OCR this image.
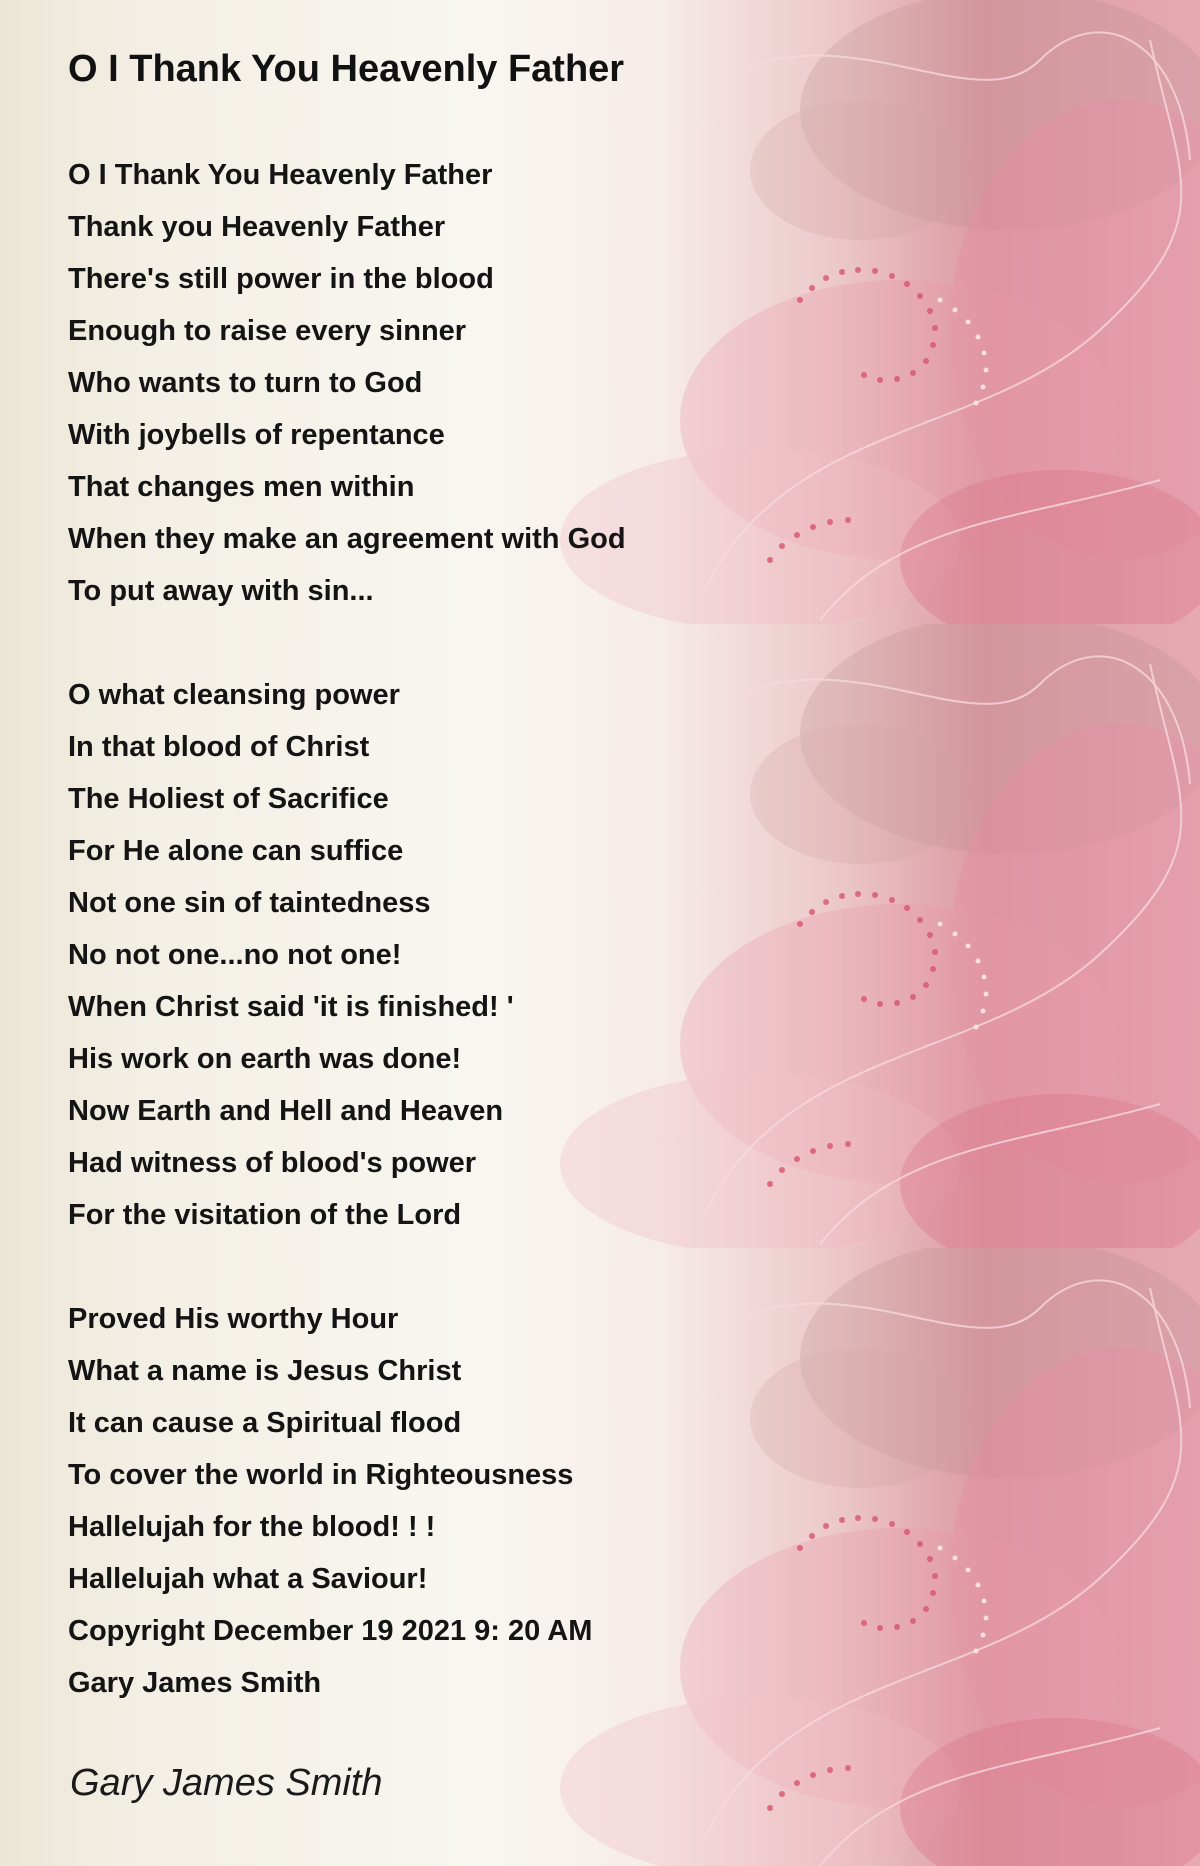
O I Thank You Heavenly Father
O I Thank You Heavenly Father
Thank you Heavenly Father
There's still power in the blood
Enough to raise every sinner
Who wants to turn to God
With joybells of repentance
That changes men within
When they make an agreement with God
To put away with sin...
O what cleansing power
In that blood of Christ
The Holiest of Sacrifice
For He alone can suffice
Not one sin of taintedness
No not one...no not one!
When Christ said 'it is finished! '
His work on earth was done!
Now Earth and Hell and Heaven
Had witness of blood's power
For the visitation of the Lord
Proved His worthy Hour
What a name is Jesus Christ
It can cause a Spiritual flood
To cover the world in Righteousness
Hallelujah for the blood! ! !
Hallelujah what a Saviour!
Copyright December 19 2021 9: 20 AM
Gary James Smith
Gary James Smith
